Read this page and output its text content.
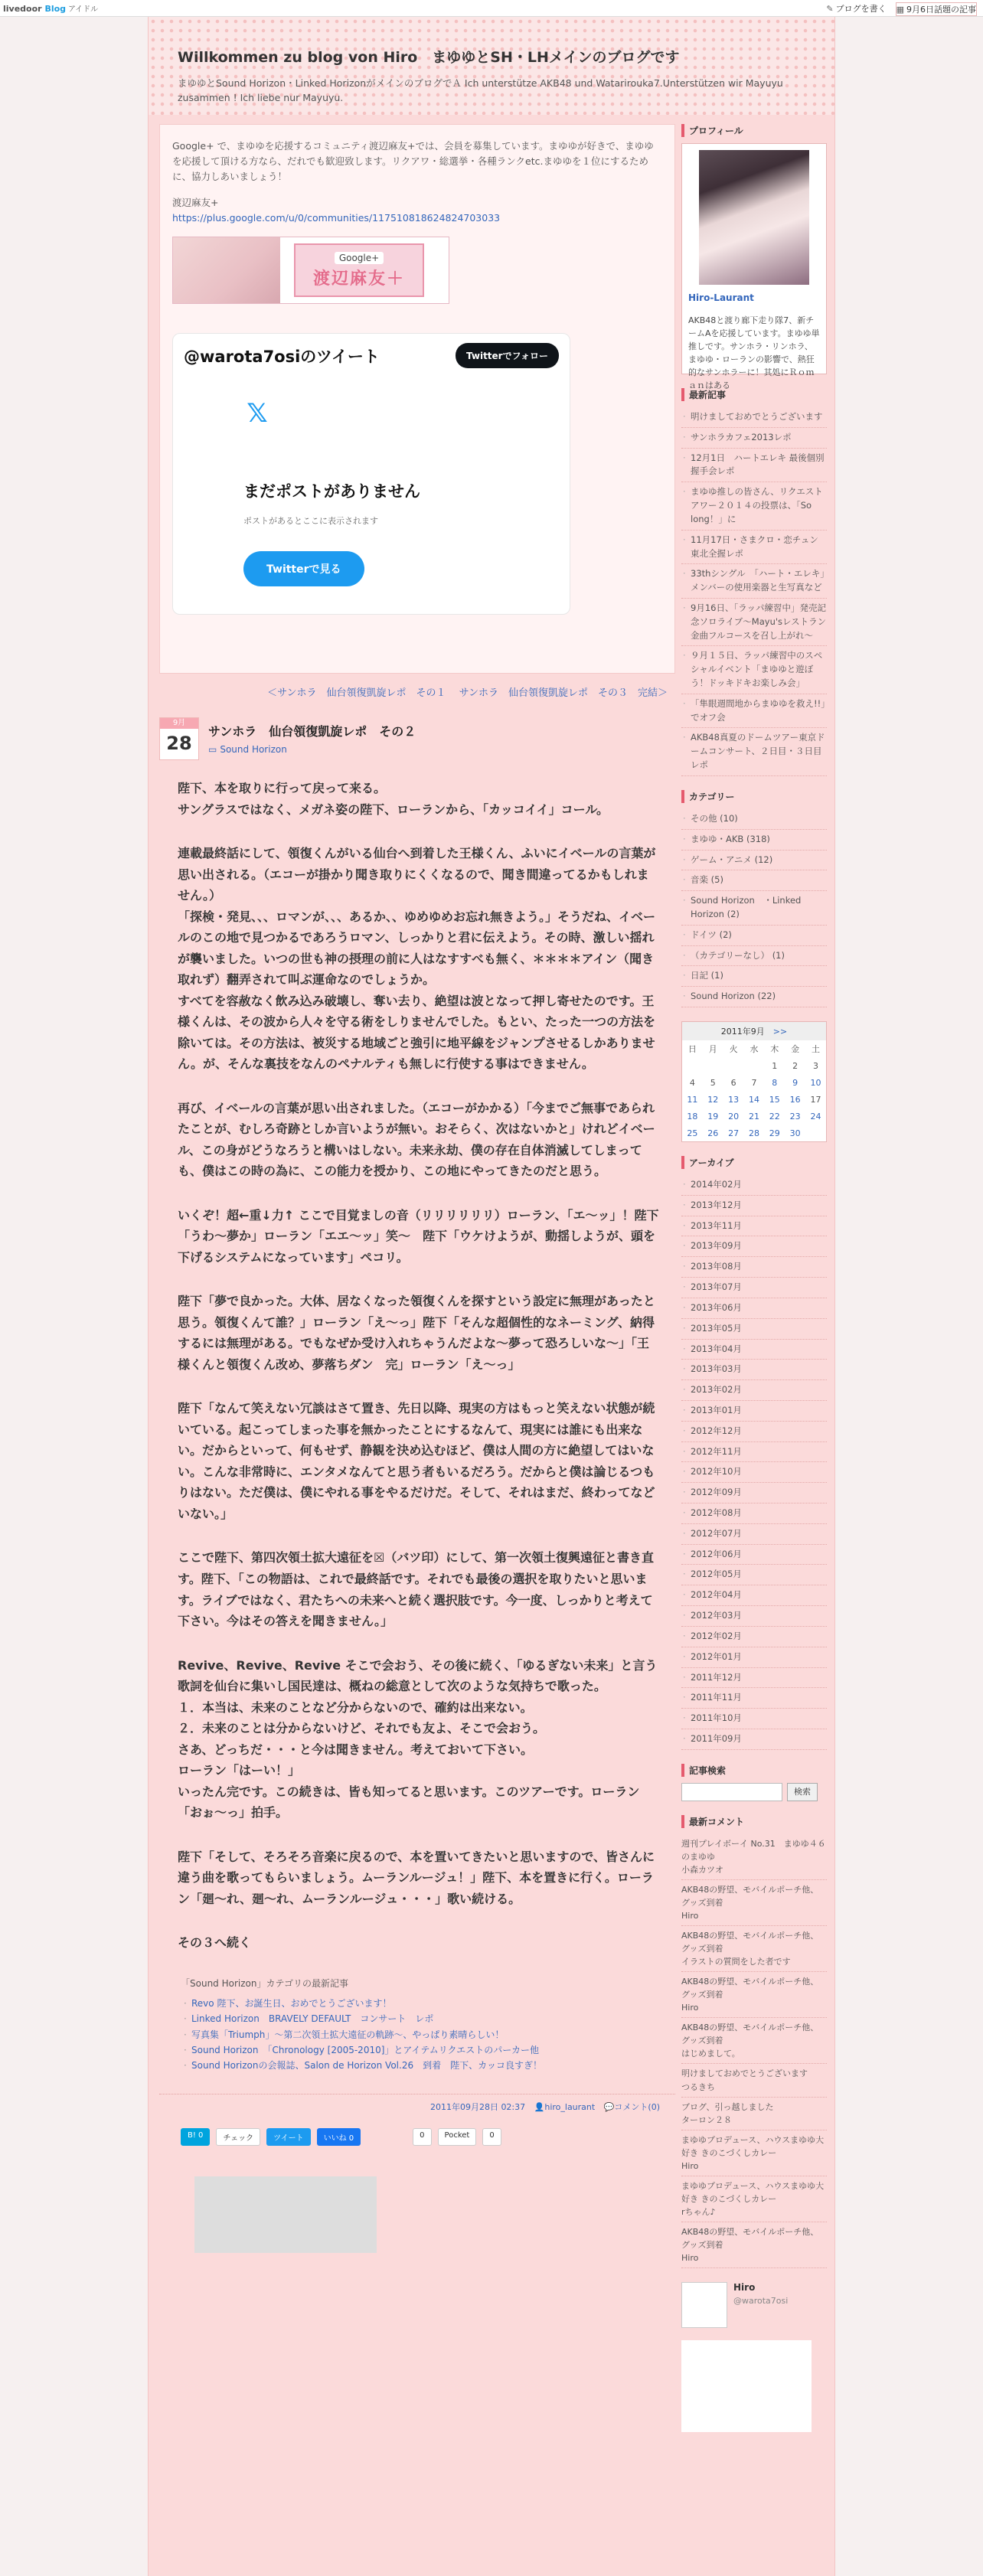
livedoor Blog アイドル	✎ ブログを書く	▦ 9月6日話題の記事
Willkommen zu blog von Hiro　まゆゆとSH・LHメインのブログです

まゆゆとSound Horizon・Linked HorizonがメインのブログでＡ Ich unterstütze AKB48 und Watarirouka7.Unterstützen wir Mayuyu zusammen ! Ich liebe nur Mayuyu.

Google+ で、まゆゆを応援するコミュニティ渡辺麻友+では、会員を募集しています。まゆゆが好きで、まゆゆを応援して頂ける方なら、だれでも歓迎致します。リクアワ・総選挙・各種ランクetc.まゆゆを１位にするために、協力しあいましょう！

渡辺麻友+

https://plus.google.com/u/0/communities/117510818624824703033

Google+
渡辺麻友＋
@warota7osiのツイート	Twitterでフォロー
𝕏
まだポストがありません
ポストがあるとここに表示されます
Twitterで見る
＜サンホラ　仙台領復凱旋レポ　その１　 サンホラ　仙台領復凱旋レポ　その３　完結＞
9月
28
サンホラ　仙台領復凱旋レポ　その２
▭ Sound Horizon

陛下、本を取りに行って戻って来る。
サングラスではなく、メガネ姿の陛下、ローランから、「カッコイイ」コール。

連載最終話にして、領復くんがいる仙台へ到着した王様くん、ふいにイベールの言葉が思い出される。（エコーが掛かり聞き取りにくくなるので、聞き間違ってるかもしれません。）
「探検・発見、、、ロマンが、、、あるか、、ゆめゆめお忘れ無きよう。」そうだね、イベールのこの地で見つかるであろうロマン、しっかりと君に伝えよう。その時、激しい揺れが襲いました。いつの世も神の摂理の前に人はなすすべも無く、＊＊＊＊アイン（聞き取れず）翻弄されて叫ぶ運命なのでしょうか。
すべてを容赦なく飲み込み破壊し、奪い去り、絶望は波となって押し寄せたのです。王様くんは、その波から人々を守る術をしりませんでした。もとい、たった一つの方法を除いては。その方法は、被災する地域ごと強引に地平線をジャンプさせるしかありません。が、そんな裏技をなんのペナルティも無しに行使する事はできません。

再び、イベールの言葉が思い出されました。（エコーがかかる）「今までご無事であられたことが、むしろ奇跡としか言いようが無い。おそらく、次はないかと」けれどイベール、この身がどうなろうと構いはしない。未来永劫、僕の存在自体消滅してしまっても、僕はこの時の為に、この能力を授かり、この地にやってきたのだと思う。

いくぞ！超←重↓力↑ ここで目覚ましの音（リリリリリリ）ローラン、「エ〜ッ」！陛下「うわ〜夢か」ローラン「エエ〜ッ」笑〜　陛下「ウケけようが、動揺しようが、頭を下げるシステムになっています」ペコリ。

陛下「夢で良かった。大体、居なくなった領復くんを探すという設定に無理があったと思う。領復くんて誰？」ローラン「え〜っ」陛下「そんな超個性的なネーミング、納得するには無理がある。でもなぜか受け入れちゃうんだよな〜夢って恐ろしいな〜」「王様くんと領復くん改め、夢落ちダン　完」ローラン「え〜っ」

陛下「なんて笑えない冗談はさて置き、先日以降、現実の方はもっと笑えない状態が続いている。起こってしまった事を無かったことにするなんて、現実には誰にも出来ない。だからといって、何もせず、静観を決め込むほど、僕は人間の方に絶望してはいない。こんな非常時に、エンタメなんてと思う者もいるだろう。だからと僕は論じるつもりはない。ただ僕は、僕にやれる事をやるだけだ。そして、それはまだ、終わってなどいない。」

ここで陛下、第四次領土拡大遠征を☒（バツ印）にして、第一次領土復興遠征と書き直す。陛下、「この物語は、これで最終話です。それでも最後の選択を取りたいと思います。ライブではなく、君たちへの未来へと続く選択肢です。今一度、しっかりと考えて下さい。今はその答えを聞きません。」

Revive、Revive、Revive そこで会おう、その後に続く、「ゆるぎない未来」と言う歌詞を仙台に集いし国民達は、概ねの総意として次のような気持ちで歌った。
１．本当は、未来のことなど分からないので、確約は出来ない。
２．未来のことは分からないけど、それでも友よ、そこで会おう。
さあ、どっちだ・・・と今は聞きません。考えておいて下さい。
ローラン「はーい！」
いったん完です。この続きは、皆も知ってると思います。このツアーです。ローラン「おぉ〜っ」拍手。

陛下「そして、そろそろ音楽に戻るので、本を置いてきたいと思いますので、皆さんに違う曲を歌ってもらいましょう。ムーランルージュ！」陛下、本を置きに行く。ローラン「廻〜れ、廻〜れ、ムーランルージュ・・・」歌い続ける。

その３へ続く

「Sound Horizon」カテゴリの最新記事
· Revo 陛下、お誕生日、おめでとうございます！
· Linked Horizon　BRAVELY DEFAULT　コンサート　レポ
· 写真集「Triumph」〜第二次領土拡大遠征の軌跡〜、やっぱり素晴らしい！
· Sound Horizon　「Chronology [2005-2010]」とアイテムリクエストのパーカー他
· Sound Horizonの会報誌、Salon de Horizon Vol.26　到着　陛下、カッコ良すぎ！
2011年09月28日 02:37 👤hiro_laurant 💬コメント(0)
B! 0	チェック	ツイート	いいね 0	0	Pocket	0
プロフィール
Hiro-Laurant
AKB48と渡り廊下走り隊7、新チームAを応援しています。まゆゆ単推しです。サンホラ・リンホラ、まゆゆ・ローランの影響で、熱狂的なサンホラーに！其処にＲｏｍａｎはある
最新記事
· 明けましておめでとうございます
· サンホラカフェ2013レポ
· 12月1日　ハートエレキ 最後個別握手会レポ
· まゆゆ推しの皆さん、リクエストアワー２０１４の投票は、「So long！」に
· 11月17日・さまクロ・恋チュン東北全握レポ
· 33thシングル　「ハート・エレキ」メンバーの使用楽器と生写真など
· 9月16日、「ラッパ練習中」発売記念ソロライブ〜Mayu'sレストラン 金曲フルコースを召し上がれ〜
· ９月１５日、ラッパ練習中のスペシャルイベント「まゆゆと遊ぼう！ドッキドキお楽しみ会」
· 「隼眼週間地からまゆゆを救え!!」でオフ会
· AKB48真夏のドームツアー東京ドームコンサート、２日目・３日目レポ
カテゴリー
· その他 (10)
· まゆゆ・AKB (318)
· ゲーム・アニメ (12)
· 音楽 (5)
· Sound Horizon　・Linked Horizon (2)
· ドイツ (2)
· （カテゴリーなし） (1)
· 日記 (1)
· Sound Horizon (22)
2011年9月　 >>
日	月	火	水	木	金	土
				1	2	3
4	5	6	7	8	9	10
11	12	13	14	15	16	17
18	19	20	21	22	23	24
25	26	27	28	29	30	
アーカイブ
· 2014年02月
· 2013年12月
· 2013年11月
· 2013年09月
· 2013年08月
· 2013年07月
· 2013年06月
· 2013年05月
· 2013年04月
· 2013年03月
· 2013年02月
· 2013年01月
· 2012年12月
· 2012年11月
· 2012年10月
· 2012年09月
· 2012年08月
· 2012年07月
· 2012年06月
· 2012年05月
· 2012年04月
· 2012年03月
· 2012年02月
· 2012年01月
· 2011年12月
· 2011年11月
· 2011年10月
· 2011年09月
記事検索
検索
最新コメント
週刊プレイボーイ No.31　まゆゆ４６のまゆゆ
小森カツオ
AKB48の野望、モバイルポーチ他、グッズ到着
Hiro
AKB48の野望、モバイルポーチ他、グッズ到着
イラストの質問をした者です
AKB48の野望、モバイルポーチ他、グッズ到着
Hiro
AKB48の野望、モバイルポーチ他、グッズ到着
はじめまして。
明けましておめでとうございます
つるきち
ブログ、引っ越しました
ターロン２８
まゆゆプロデュース、ハウスまゆゆ大好き きのこづくしカレー
Hiro
まゆゆプロデュース、ハウスまゆゆ大好き きのこづくしカレー
rちゃん♪
AKB48の野望、モバイルポーチ他、グッズ到着
Hiro
Hiro
@warota7osi
